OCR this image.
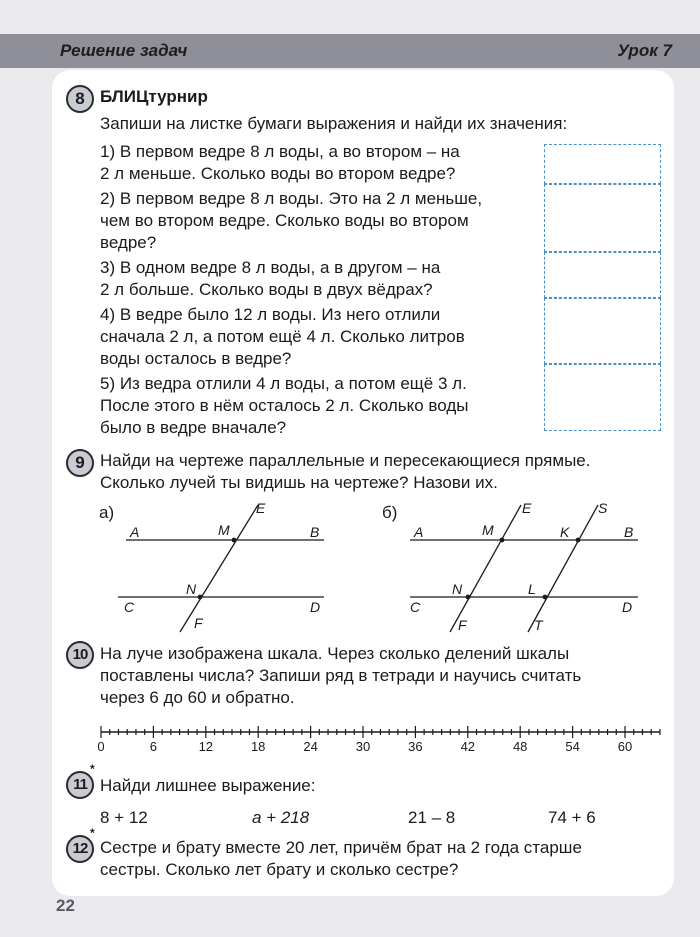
Решение задач	Урок 7
8 БЛИЦтурнир
Запиши на листке бумаги выражения и найди их значения:
1) В первом ведре 8 л воды, а во втором – на
2 л меньше. Сколько воды во втором ведре?
2) В первом ведре 8 л воды. Это на 2 л меньше,
чем во втором ведре. Сколько воды во втором
ведре?
3) В одном ведре 8 л воды, а в другом – на
2 л больше. Сколько воды в двух вёдрах?
4) В ведре было 12 л воды. Из него отлили
сначала 2 л, а потом ещё 4 л. Сколько литров
воды осталось в ведре?
5) Из ведра отлили 4 л воды, а потом ещё 3 л.
После этого в нём осталось 2 л. Сколько воды
было в ведре вначале?
9 Найди на чертеже параллельные и пересекающиеся прямые.
Сколько лучей ты видишь на чертеже? Назови их.
а)
A	M
E
B
N
C	D
F
б)
A	M
E
K
S
B
N	L
C	D
F	T
10 На луче изображена шкала. Через сколько делений шкалы
поставлены числа? Запиши ряд в тетради и научись считать
через 6 до 60 и обратно.
0	6	12	18	24	30	36	42	48	54	60
11
*
Найди лишнее выражение:
8 + 12	a + 218	21 – 8	74 + 6
12
*
Сестре и брату вместе 20 лет, причём брат на 2 года старше
сестры. Сколько лет брату и сколько сестре?
22
